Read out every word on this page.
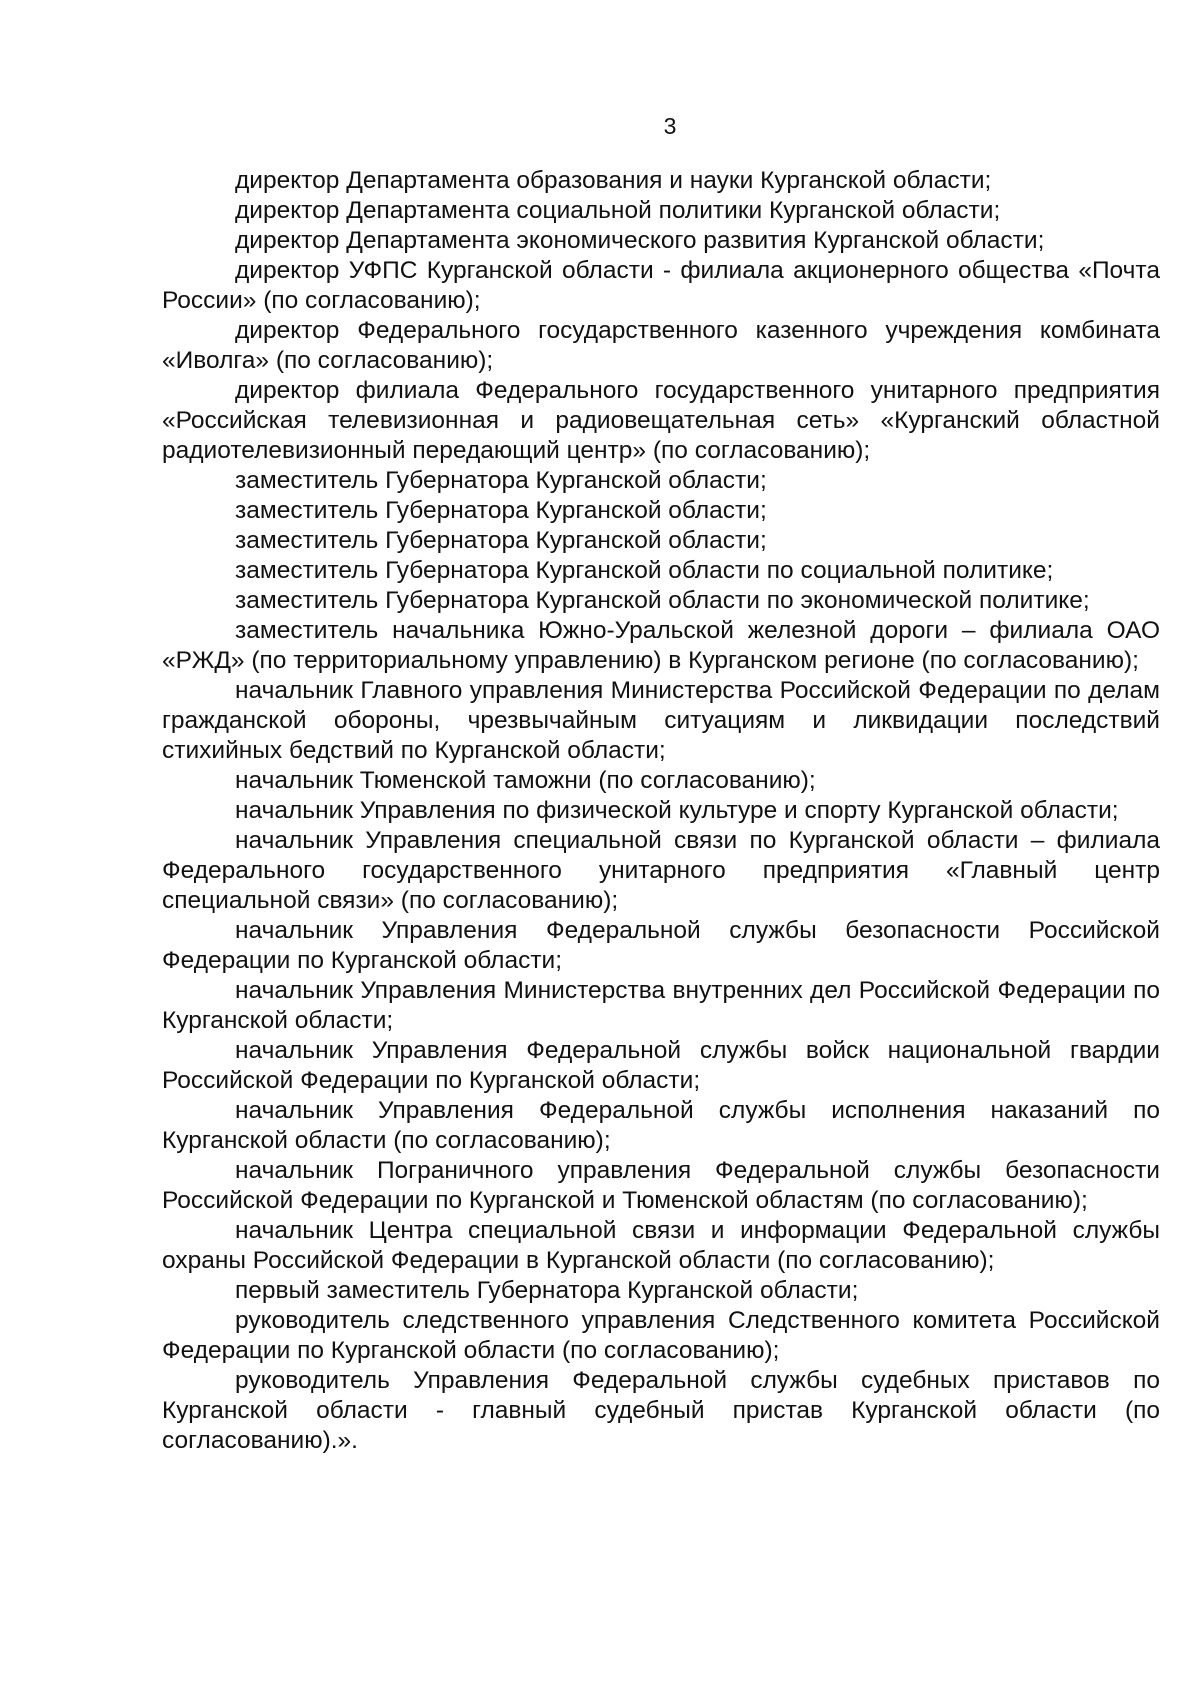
3

директор Департамента образования и науки Курганской области;

директор Департамента социальной политики Курганской области;

директор Департамента экономического развития Курганской области;

директор УФПС Курганской области - филиала акционерного общества «Почта России» (по согласованию);

директор Федерального государственного казенного учреждения комбината «Иволга» (по согласованию);

директор филиала Федерального государственного унитарного предприятия «Российская телевизионная и радиовещательная сеть» «Курганский областной радиотелевизионный передающий центр» (по согласованию);

заместитель Губернатора Курганской области;

заместитель Губернатора Курганской области;

заместитель Губернатора Курганской области;

заместитель Губернатора Курганской области по социальной политике;

заместитель Губернатора Курганской области по экономической политике;

заместитель начальника Южно-Уральской железной дороги – филиала ОАО «РЖД» (по территориальному управлению) в Курганском регионе (по согласованию);

начальник Главного управления Министерства Российской Федерации по делам гражданской обороны, чрезвычайным ситуациям и ликвидации последствий стихийных бедствий по Курганской области;

начальник Тюменской таможни (по согласованию);

начальник Управления по физической культуре и спорту Курганской области;

начальник Управления специальной связи по Курганской области – филиала Федерального государственного унитарного предприятия «Главный центр специальной связи» (по согласованию);

начальник Управления Федеральной службы безопасности Российской Федерации по Курганской области;

начальник Управления Министерства внутренних дел Российской Федерации по Курганской области;

начальник Управления Федеральной службы войск национальной гвардии Российской Федерации по Курганской области;

начальник Управления Федеральной службы исполнения наказаний по Курганской области (по согласованию);

начальник Пограничного управления Федеральной службы безопасности Российской Федерации по Курганской и Тюменской областям (по согласованию);

начальник Центра специальной связи и информации Федеральной службы охраны Российской Федерации в Курганской области (по согласованию);

первый заместитель Губернатора Курганской области;

руководитель следственного управления Следственного комитета Российской Федерации по Курганской области (по согласованию);

руководитель Управления Федеральной службы судебных приставов по Курганской области - главный судебный пристав Курганской области (по согласованию).».
